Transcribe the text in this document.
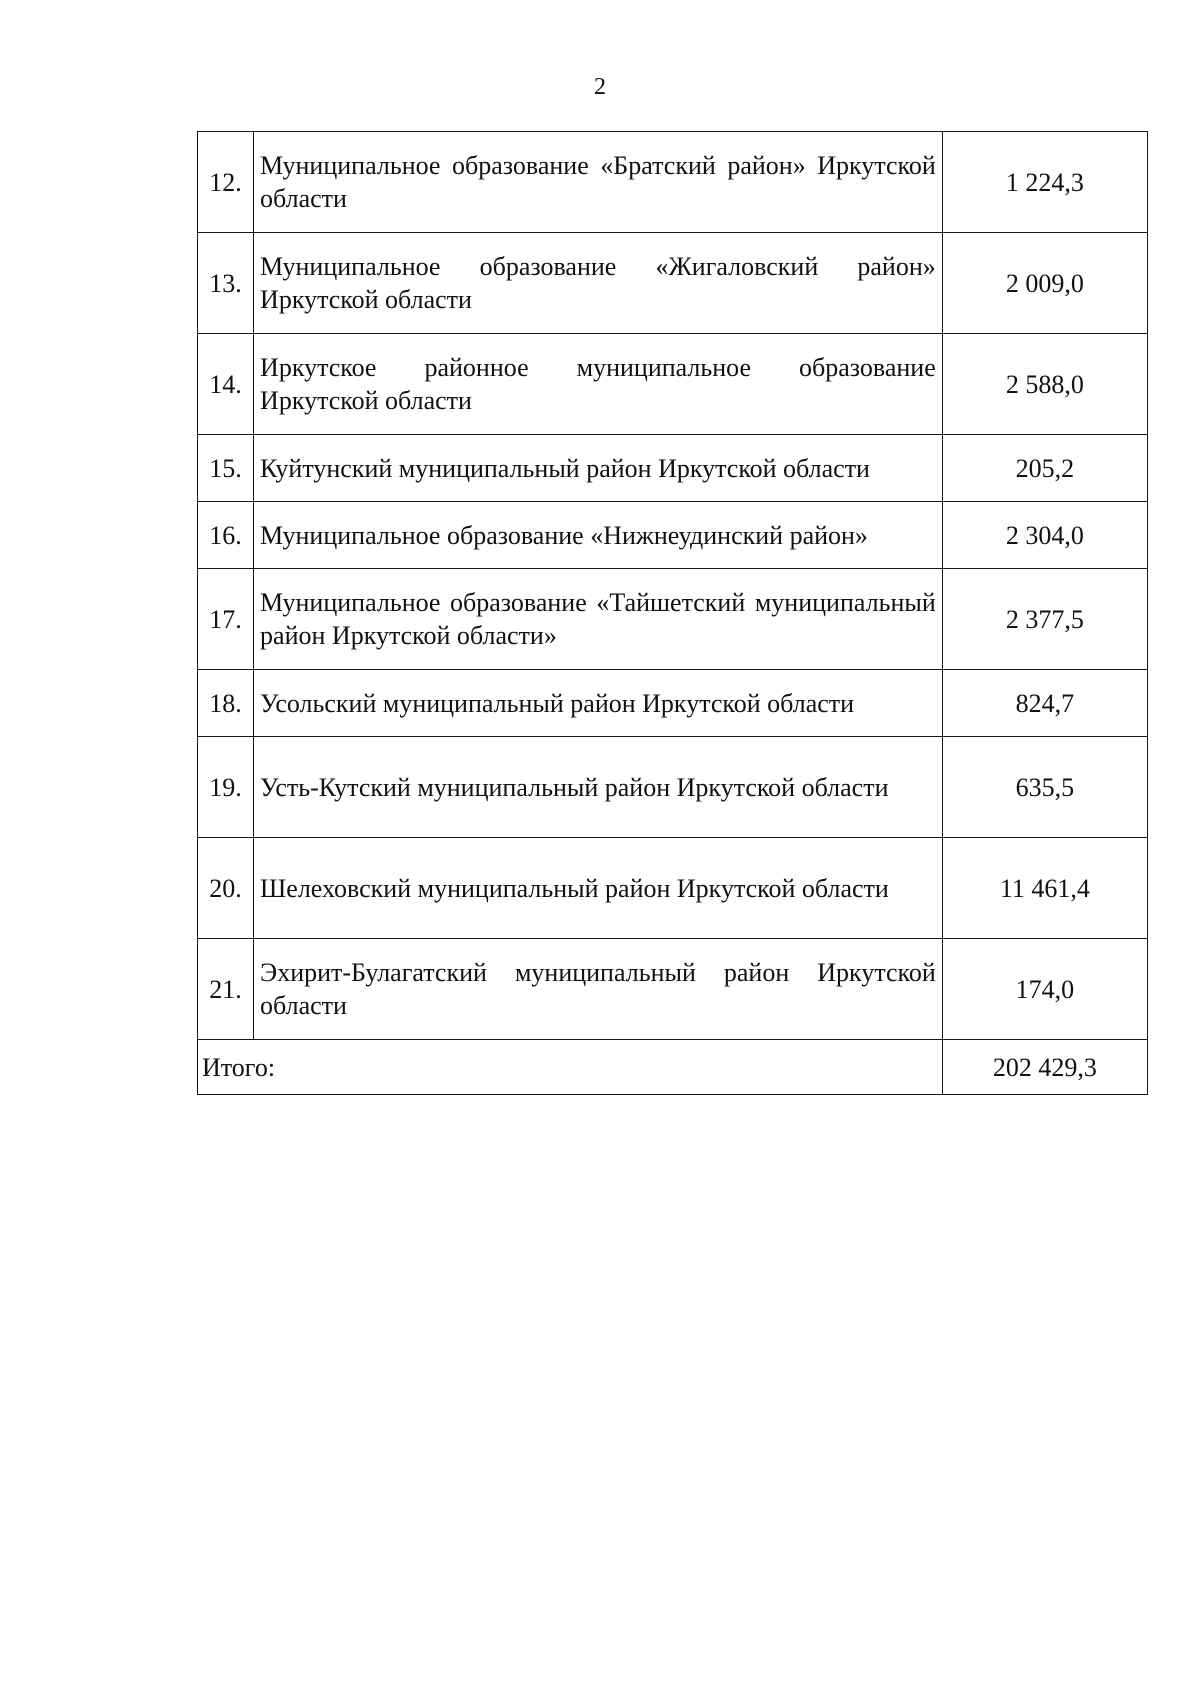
2
12.	Муниципальное образование «Братский район» Иркутской области	1 224,3
13.	Муниципальное образование «Жигаловский район» Иркутской области	2 009,0
14.	Иркутское районное муниципальное образование Иркутской области	2 588,0
15.	Куйтунский муниципальный район Иркутской области	205,2
16.	Муниципальное образование «Нижнеудинский район»	2 304,0
17.	Муниципальное образование «Тайшетский муниципальный район Иркутской области»	2 377,5
18.	Усольский муниципальный район Иркутской области	824,7
19.	Усть-Кутский муниципальный район Иркутской области	635,5
20.	Шелеховский муниципальный район Иркутской области	11 461,4
21.	Эхирит-Булагатский муниципальный район Иркутской области	174,0
Итого:		202 429,3
